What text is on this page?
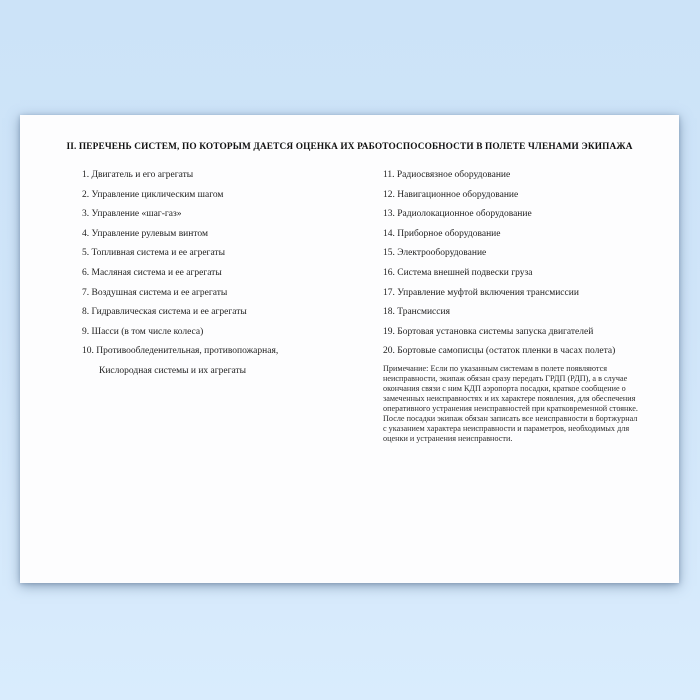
II. ПЕРЕЧЕНЬ СИСТЕМ, ПО КОТОРЫМ ДАЕТСЯ ОЦЕНКА ИХ РАБОТОСПОСОБНОСТИ В ПОЛЕТЕ ЧЛЕНАМИ ЭКИПАЖА
1. Двигатель и его агрегаты
2. Управление циклическим шагом
3. Управление «шаг-газ»
4. Управление рулевым винтом
5. Топливная система и ее агрегаты
6. Масляная система и ее агрегаты
7. Воздушная система и ее агрегаты
8. Гидравлическая система и ее агрегаты
9. Шасси (в том числе колеса)
10. Противообледенительная, противопожарная,
Кислородная системы и их агрегаты
11. Радиосвязное оборудование
12. Навигационное оборудование
13. Радиолокационное оборудование
14. Приборное оборудование
15. Электрооборудование
16. Система внешней подвески груза
17. Управление муфтой включения трансмиссии
18. Трансмиссия
19. Бортовая установка системы запуска двигателей
20. Бортовые самописцы (остаток пленки в часах полета)
Примечание: Если по указанным системам в полете появляются
неисправности, экипаж обязан сразу передать ГРДП (РДП), а в случае
окончания связи с ним КДП аэропорта посадки, краткое сообщение о
замеченных неисправностях и их характере появления, для обеспечения
оперативного устранения неисправностей при кратковременной стоянке.
После посадки экипаж обязан записать все неисправности в бортжурнал
с указанием характера неисправности и параметров, необходимых для
оценки и устранения неисправности.
